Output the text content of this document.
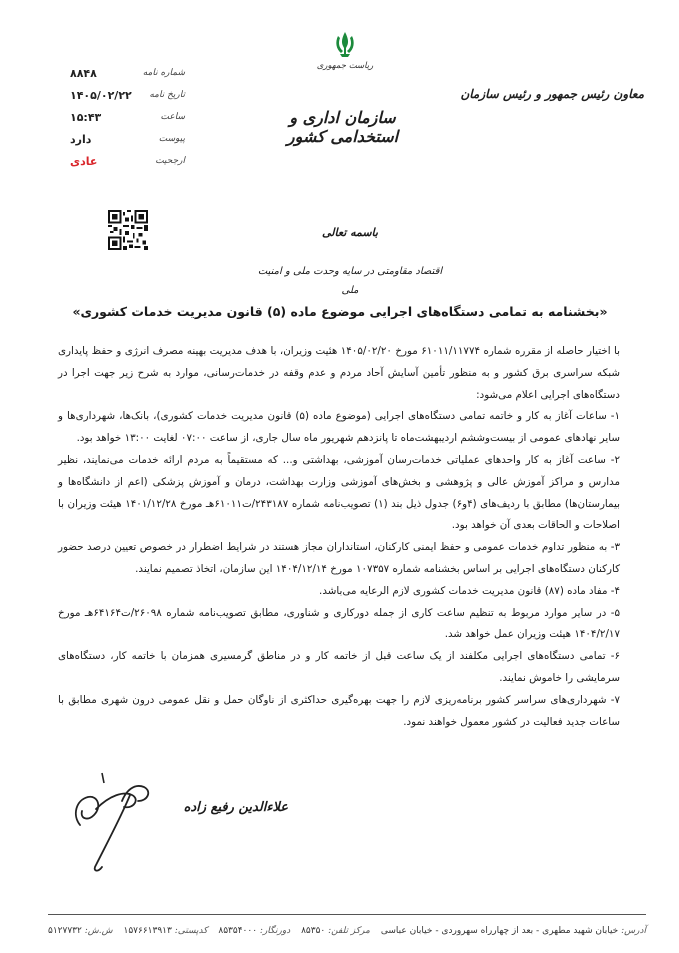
معاون رئیس جمهور و رئیس سازمان
ریاست جمهوری
سازمان اداری و استخدامی کشور
شماره نامه
۸۸۴۸
تاریخ نامه
۱۴۰۵/۰۲/۲۲
ساعت
۱۵:۴۳
پیوست
دارد
ارجحیت
عادی
باسمه تعالی
اقتصاد مقاومتی در سایه وحدت ملی و امنیت ملی
«بخشنامه به تمامی دستگاه‌های اجرایی موضوع ماده (۵) قانون مدیریت خدمات کشوری»

با اختیار حاصله از مقرره شماره ۶۱۰۱۱/۱۱۷۷۴ مورخ ۱۴۰۵/۰۲/۲۰ هئیت وزیران، با هدف مدیریت بهینه مصرف انرژی و حفظ پایداری شبکه سراسری برق کشور و به منظور تأمین آسایش آحاد مردم و عدم وقفه در خدمات‌رسانی، موارد به شرح زیر جهت اجرا در دستگاه‌های اجرایی اعلام می‌شود:

۱- ساعات آغاز به کار و خاتمه تمامی دستگاه‌های اجرایی (موضوع ماده (۵) قانون مدیریت خدمات کشوری)، بانک‌ها، شهرداری‌ها و سایر نهادهای عمومی از بیست‌وششم اردیبهشت‌ماه تا پانزدهم شهریور ماه سال جاری، از ساعت ۰۷:۰۰ لغایت ۱۳:۰۰ خواهد بود.

۲- ساعت آغاز به کار واحدهای عملیاتی خدمات‌رسان آموزشی، بهداشتی و... که مستقیماً به مردم ارائه خدمات می‌نمایند، نظیر مدارس و مراکز آموزش عالی و پژوهشی و بخش‌های آموزشی وزارت بهداشت، درمان و آموزش پزشکی (اعم از دانشگاه‌ها و بیمارستان‌ها) مطابق با ردیف‌های (۴و۶) جدول ذیل بند (۱) تصویب‌نامه شماره ۲۴۳۱۸۷/ت۶۱۰۱۱هـ مورخ ۱۴۰۱/۱۲/۲۸ هیئت وزیران با اصلاحات و الحاقات بعدی آن خواهد بود.

۳- به منظور تداوم خدمات عمومی و حفظ ایمنی کارکنان، استانداران مجاز هستند در شرایط اضطرار در خصوص تعیین درصد حضور کارکنان دستگاه‌های اجرایی بر اساس بخشنامه شماره ۱۰۷۳۵۷ مورخ ۱۴۰۴/۱۲/۱۴ این سازمان، اتخاذ تصمیم نمایند.

۴- مفاد ماده (۸۷) قانون مدیریت خدمات کشوری لازم الرعایه می‌باشد.

۵- در سایر موارد مربوط به تنظیم ساعت کاری از جمله دورکاری و شناوری، مطابق تصویب‌نامه شماره ۲۶۰۹۸/ت۶۴۱۶۴هـ مورخ ۱۴۰۴/۲/۱۷ هیئت وزیران عمل خواهد شد.

۶- تمامی دستگاه‌های اجرایی مکلفند از یک ساعت قبل از خاتمه کار و در مناطق گرمسیری همزمان با خاتمه کار، دستگاه‌های سرمایشی را خاموش نمایند.

۷- شهرداری‌های سراسر کشور برنامه‌ریزی لازم را جهت بهره‌گیری حداکثری از ناوگان حمل و نقل عمومی درون شهری مطابق با ساعات جدید فعالیت در کشور معمول خواهند نمود.

علاءالدین رفیع زاده
آدرس: خیابان شهید مطهری - بعد از چهارراه سهروردی - خیابان عباسی
مرکز تلفن: ۸۵۳۵۰
دورنگار: ۸۵۳۵۴۰۰۰
کدپستی: ۱۵۷۶۶۱۳۹۱۳
ش.ش: ۵۱۲۷۷۳۲
